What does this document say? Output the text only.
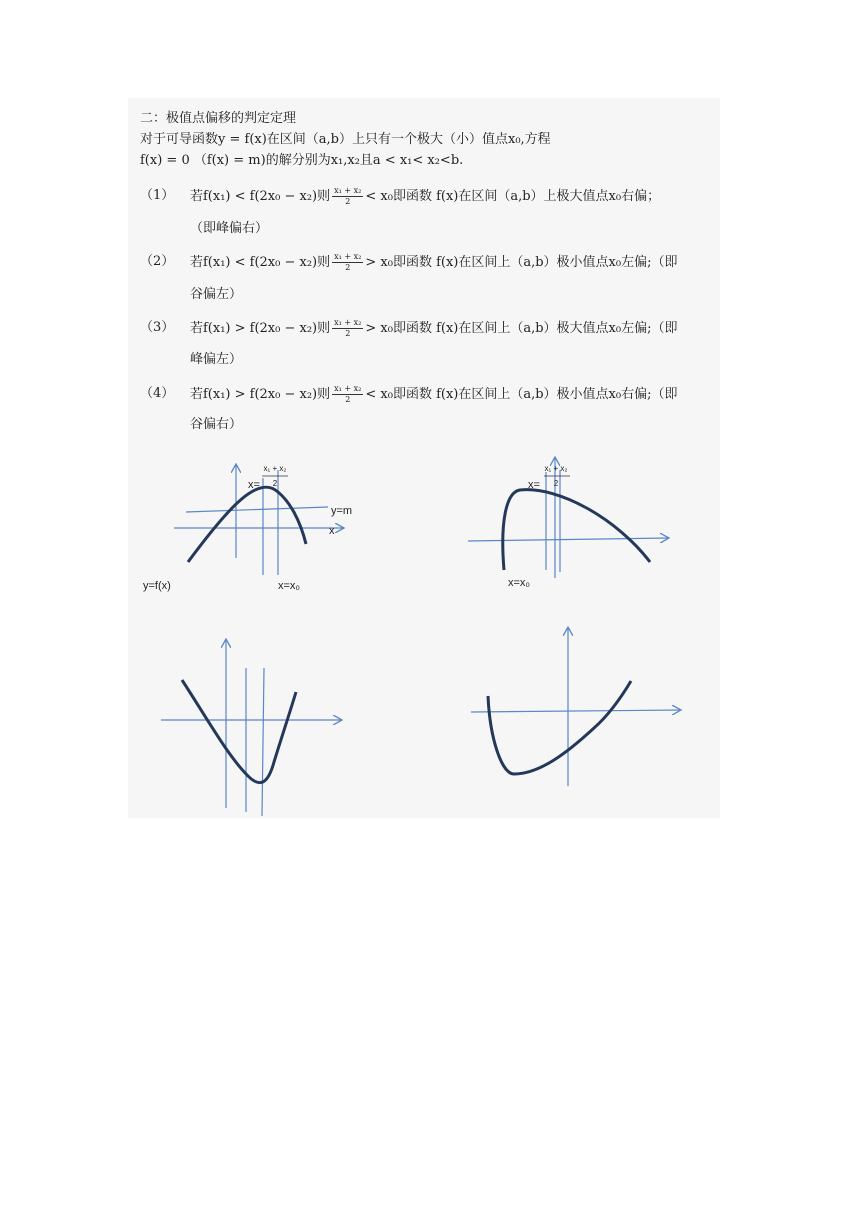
二：极值点偏移的判定定理
对于可导函数y = f(x)在区间（a,b）上只有一个极大（小）值点x₀,方程
f(x) = 0 （f(x) = m)的解分别为x₁,x₂且a < x₁< x₂<b.
（1） 若f(x₁) < f(2x₀ − x₂)则 $\frac{\text{x₁ + x₂}}{2} < x_0$即函数 f(x)在区间（a,b）上极大值点x₀右偏；
（即峰偏右）
（2） 若f(x₁) < f(2x₀ − x₂)则 $\frac{\text{x₁ + x₂}}{2} > x_0$即函数 f(x)在区间上（a,b）极小值点x₀左偏;（即
谷偏左）
（3） 若f(x₁) > f(2x₀ − x₂)则 $\frac{\text{x₁ + x₂}}{2} > x_0$即函数 f(x)在区间上（a,b）极大值点x₀左偏;（即
峰偏左）
（4） 若f(x₁) > f(2x₀ − x₂)则 $\frac{\text{x₁ + x₂}}{2} < x_0$即函数 f(x)在区间上（a,b）极小值点x₀右偏;（即
谷偏右）
x=
x₁ + x₂
2
y=m
x
y=f(x)	x=x₀
x=
x₁ + x₂
2
x=x₀
